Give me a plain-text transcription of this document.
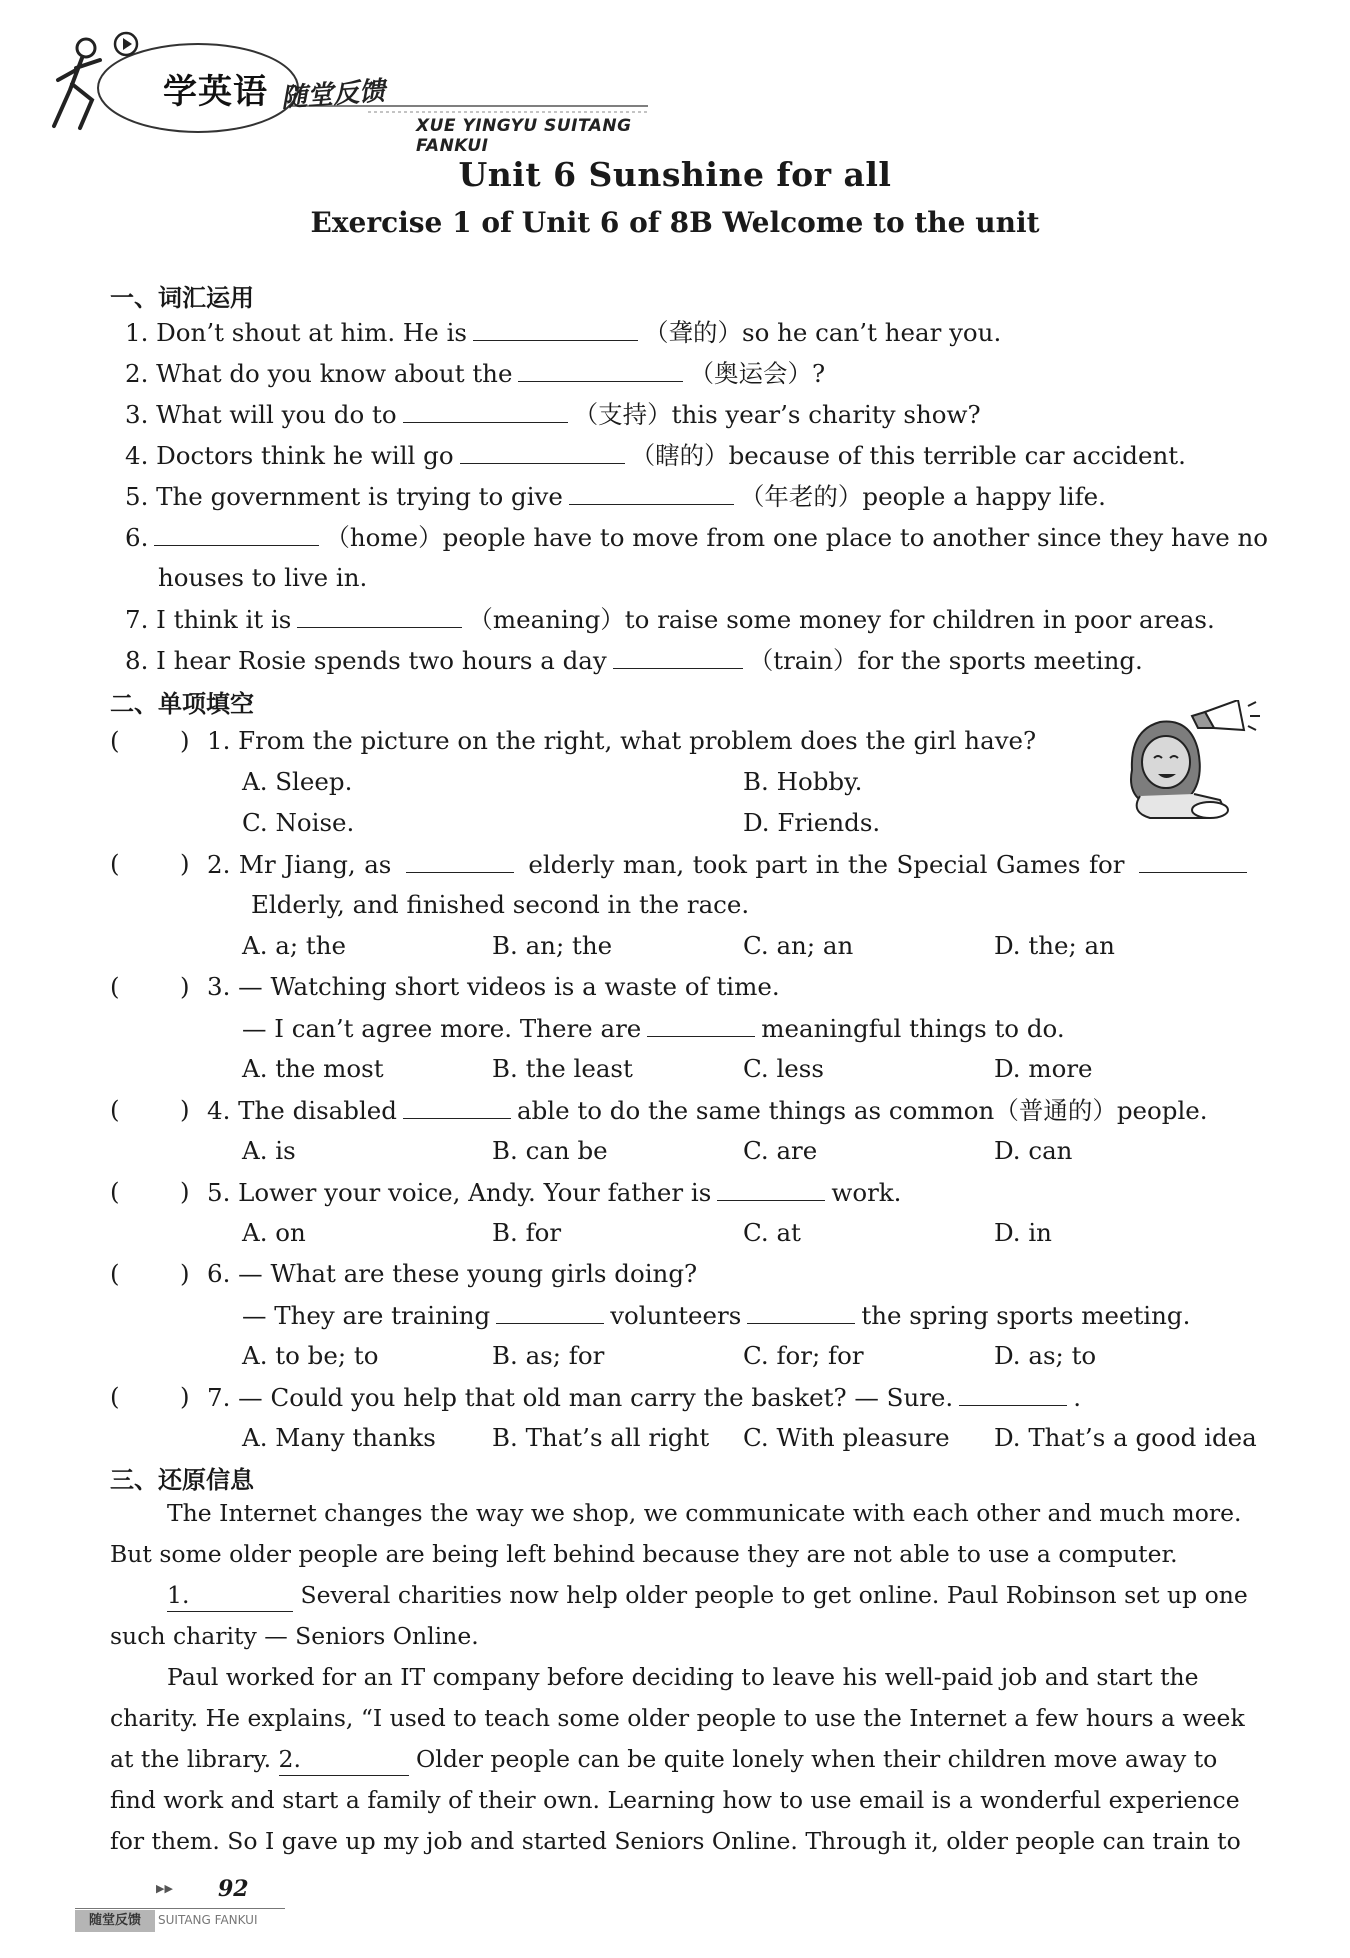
学英语 随堂反馈
XUE YINGYU SUITANG FANKUI
Unit 6 Sunshine for all
Exercise 1 of Unit 6 of 8B Welcome to the unit
一、词汇运用
1. Don’t shout at him. He is	（聋的）so he can’t hear you.
2. What do you know about the	（奥运会）?
3. What will you do to	（支持）this year’s charity show?
4. Doctors think he will go	（瞎的）because of this terrible car accident.
5. The government is trying to give	（年老的）people a happy life.
6.	（home）people have to move from one place to another since they have no
houses to live in.
7. I think it is	（meaning）to raise some money for children in poor areas.
8. I hear Rosie spends two hours a day	（train）for the sports meeting.
二、单项填空
( ) 1. From the picture on the right, what problem does the girl have?
A. Sleep.	B. Hobby.
C. Noise.	D. Friends.
( ) 2. Mr Jiang, as	elderly man, took part in the Special Games for
Elderly, and finished second in the race.
A. a; the	B. an; the	C. an; an	D. the; an
( ) 3. — Watching short videos is a waste of time.
— I can’t agree more. There are	meaningful things to do.
A. the most	B. the least	C. less	D. more
( ) 4. The disabled	able to do the same things as common（普通的）people.
A. is	B. can be	C. are	D. can
( ) 5. Lower your voice, Andy. Your father is	work.
A. on	B. for	C. at	D. in
( ) 6. — What are these young girls doing?
— They are training	volunteers	the spring sports meeting.
A. to be; to	B. as; for	C. for; for	D. as; to
( ) 7. — Could you help that old man carry the basket? — Sure.	.
A. Many thanks B. That’s all right C. With pleasure D. That’s a good idea
三、还原信息
The Internet changes the way we shop, we communicate with each other and much more.
But some older people are being left behind because they are not able to use a computer.
1.	Several charities now help older people to get online. Paul Robinson set up one
such charity — Seniors Online.
Paul worked for an IT company before deciding to leave his well-paid job and start the
charity. He explains, “I used to teach some older people to use the Internet a few hours a week
at the library. 2.	Older people can be quite lonely when their children move away to
find work and start a family of their own. Learning how to use email is a wonderful experience
for them. So I gave up my job and started Seniors Online. Through it, older people can train to
▶▶ 92
随堂反馈	SUITANG FANKUI
